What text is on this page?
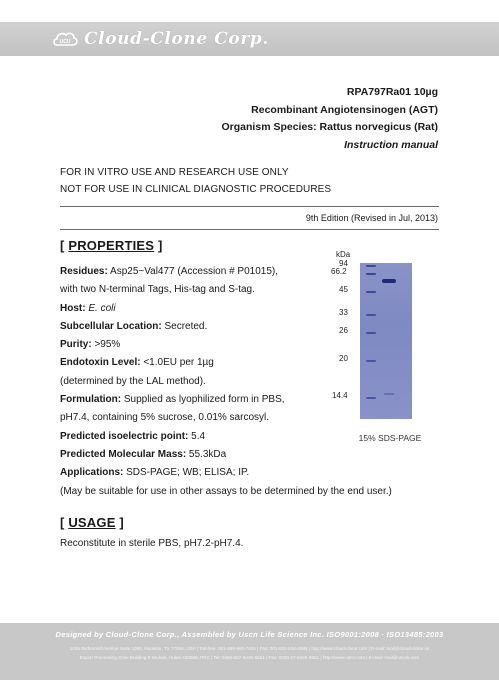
UCU Cloud-Clone Corp.
RPA797Ra01 10µg
Recombinant Angiotensinogen (AGT)
Organism Species: Rattus norvegicus (Rat)
Instruction manual
FOR IN VITRO USE AND RESEARCH USE ONLY
NOT FOR USE IN CLINICAL DIAGNOSTIC PROCEDURES
9th Edition (Revised in Jul, 2013)
[ PROPERTIES ]
Residues: Asp25~Val477 (Accession # P01015),
with two N-terminal Tags, His-tag and S-tag.
Host: E. coli
Subcellular Location: Secreted.
Purity: >95%
Endotoxin Level: <1.0EU per 1µg
(determined by the LAL method).
Formulation: Supplied as lyophilized form in PBS,
pH7.4, containing 5% sucrose, 0.01% sarcosyl.
Predicted isoelectric point: 5.4
Predicted Molecular Mass: 55.3kDa
Applications: SDS-PAGE; WB; ELISA; IP.
(May be suitable for use in other assays to be determined by the end user.)
kDa
94
66.2
45
33
26
20
14.4
15% SDS-PAGE
[ USAGE ]
Reconstitute in sterile PBS, pH7.2-pH7.4.
Designed by Cloud-Clone Corp., Assembled by Uscn Life Science Inc. ISO9001:2008 · ISO13485:2003
1025 Richmond Avenue Suite 1058, Houston, TX 77006, USA | Toll-free: 001-888-960-7402 | Fax: 001-832-538-0088 | http://www.cloud-clone.com | E-mail: mail@cloud-clone.us
Export Processing Zone Building E Wuhan, Hubei 430056, PRC | Tel: 0086-027-8425-9551 | Fax: 0086-27-8425-9551 | http://www.uscn.com | E-mail: mail@uscnk.com
